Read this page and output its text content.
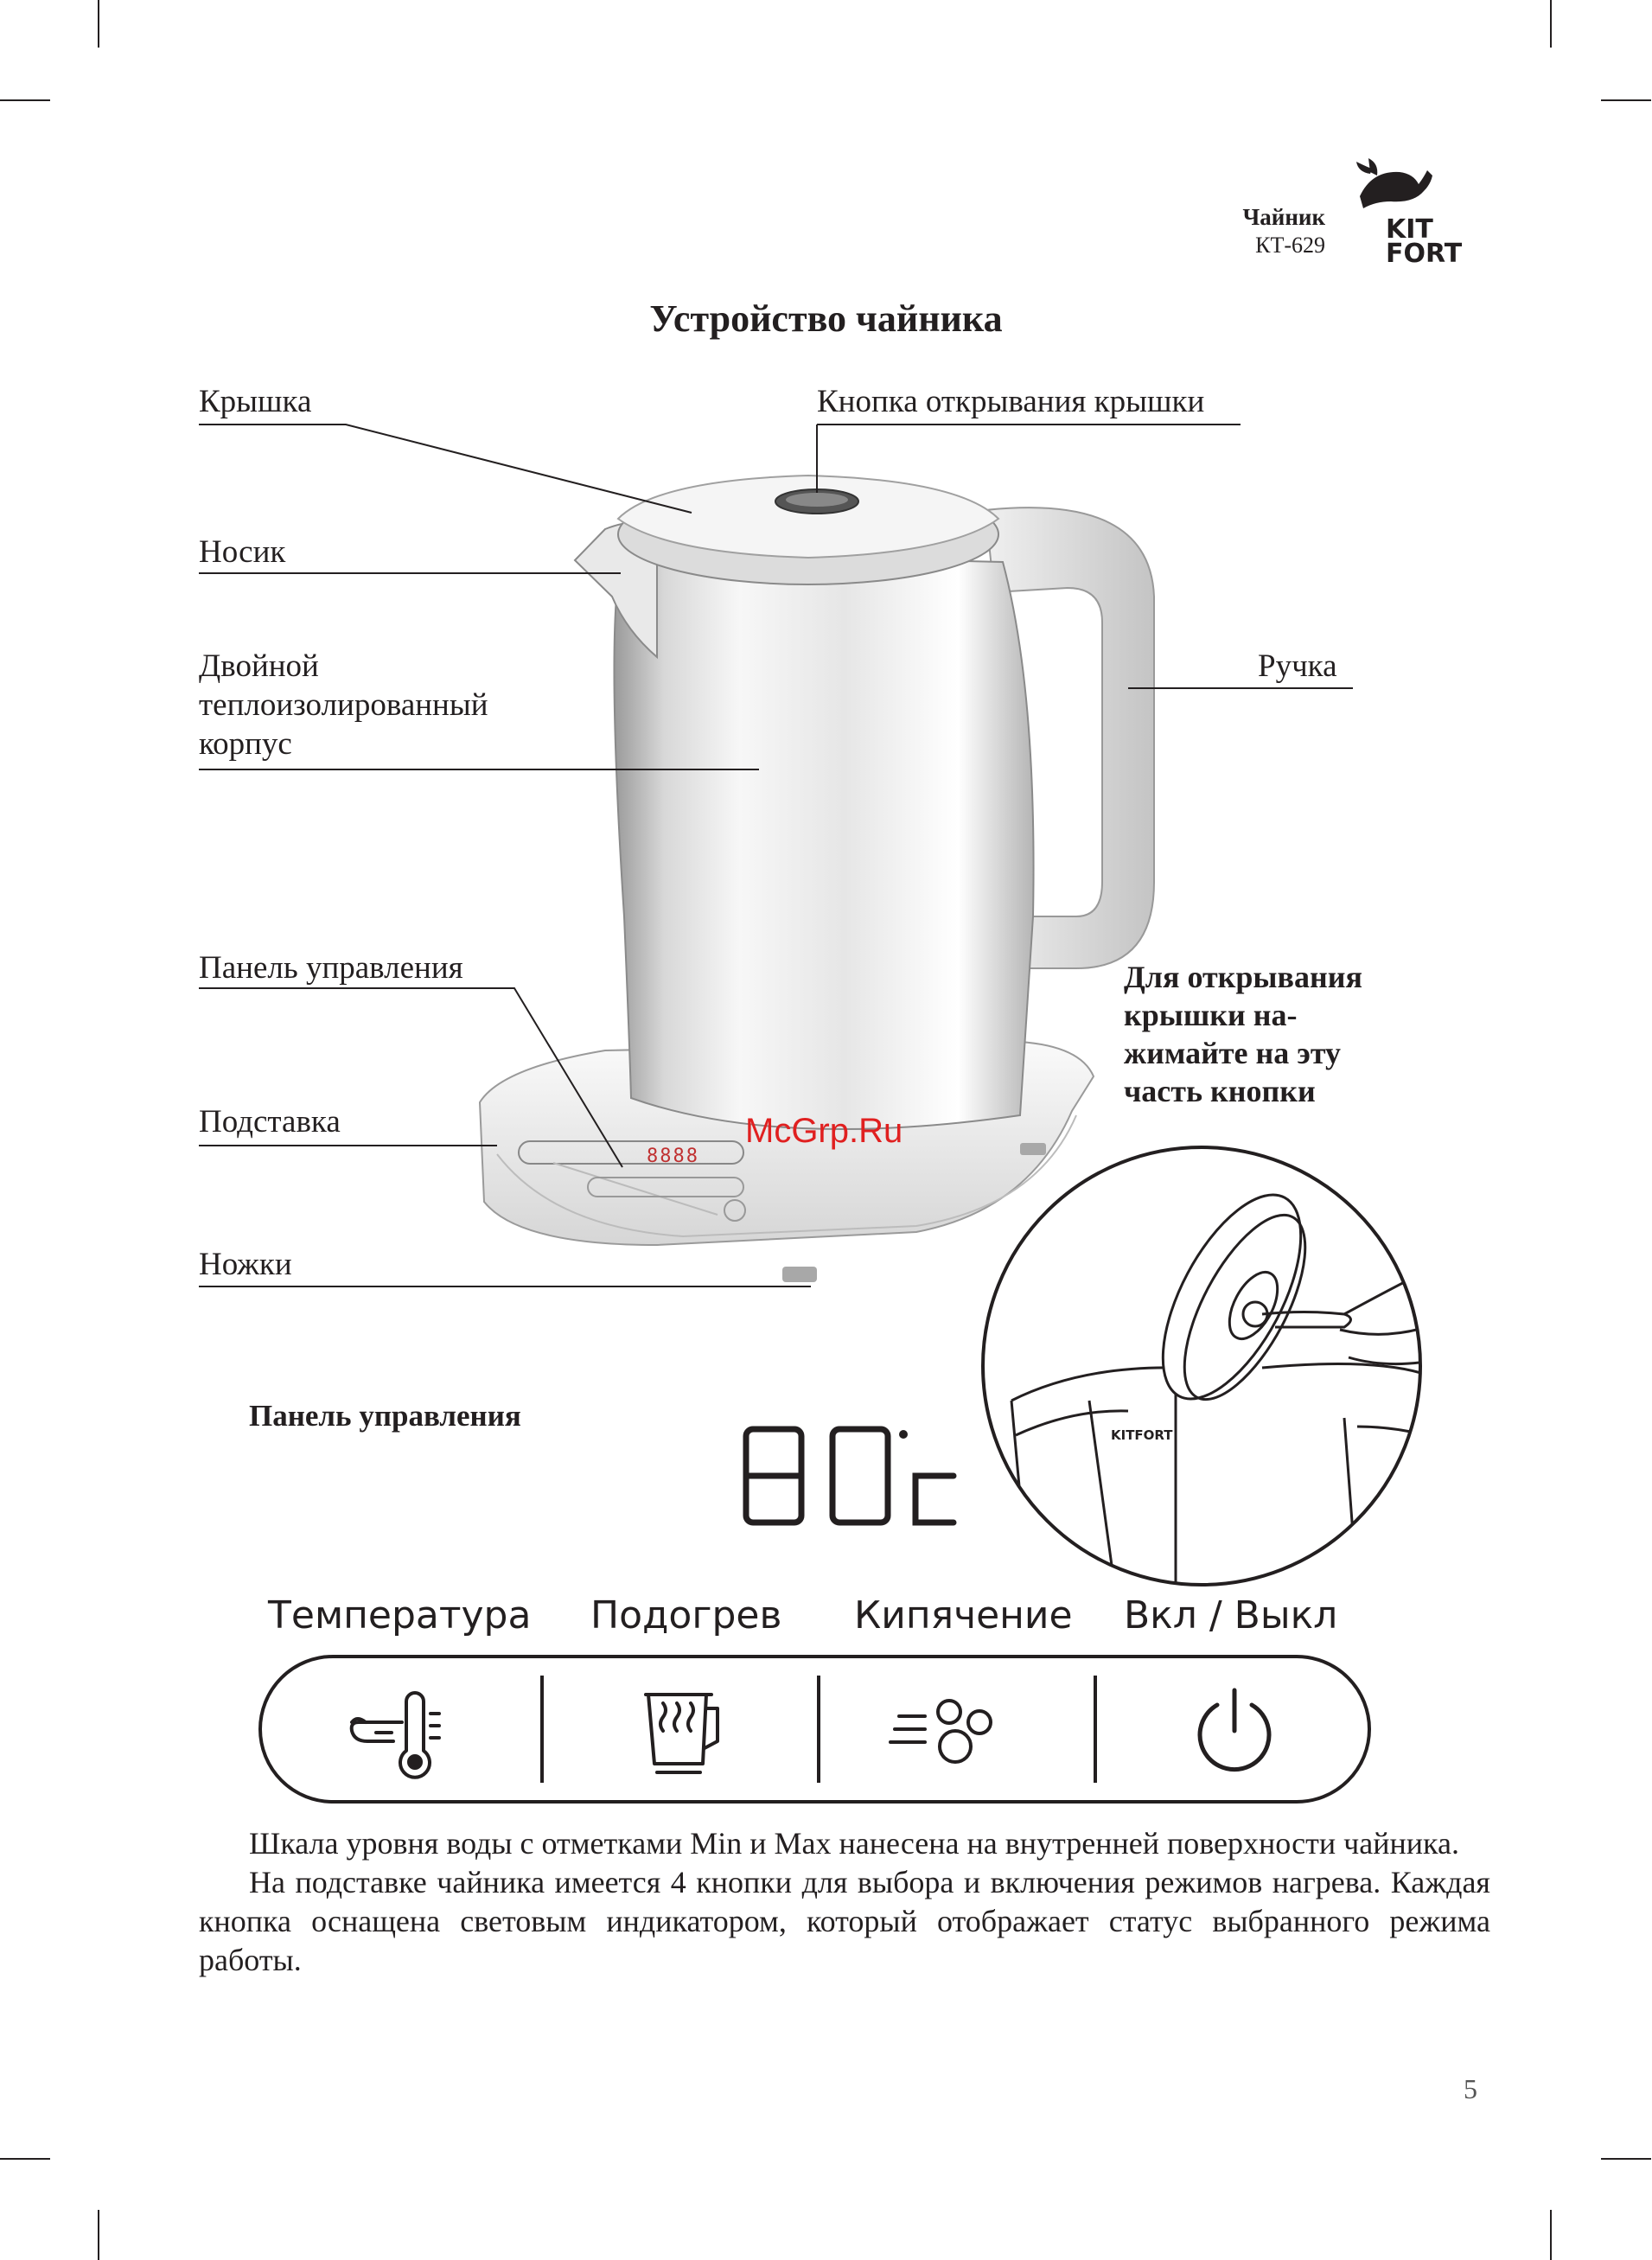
Чайник
КТ-629
KIT
FORT
Устройство чайника
8888
Крышка	Кнопка открывания крышки
Носик
Двойной
теплоизолированный
корпус
Ручка
Панель управления
Подставка
Ножки
Для открывания
крышки на-
жимайте на эту
часть кнопки
McGrp.Ru
KITFORT
Панель управления	80°c
Температура Подогрев Кипячение Вкл / Выкл

Шкала уровня воды с отметками Min и Max нанесена на внутренней поверхности чайника.

На подставке чайника имеется 4 кнопки для выбора и включения режимов нагрева. Каждая кнопка оснащена световым индикатором, который отображает статус выбранного режима работы.

5
